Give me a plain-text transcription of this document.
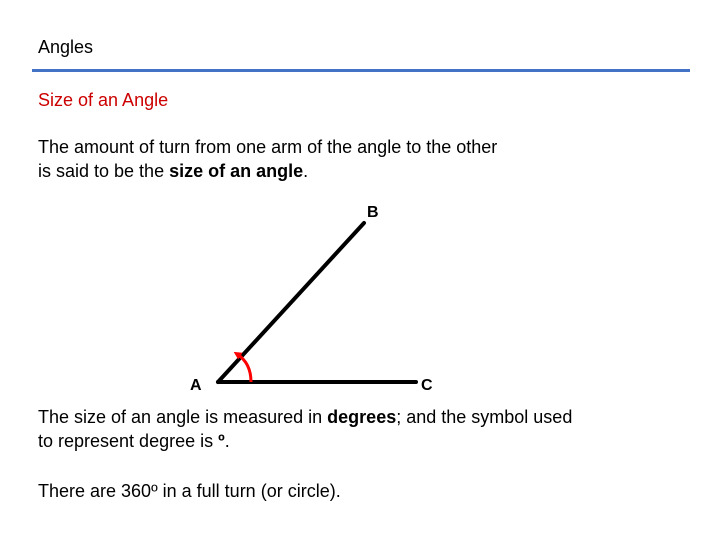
Angles
Size of an Angle
The amount of turn from one arm of the angle to the other
is said to be the size of an angle.
B
A	C
The size of an angle is measured in degrees; and the symbol used
to represent degree is º.
There are 360º in a full turn (or circle).
